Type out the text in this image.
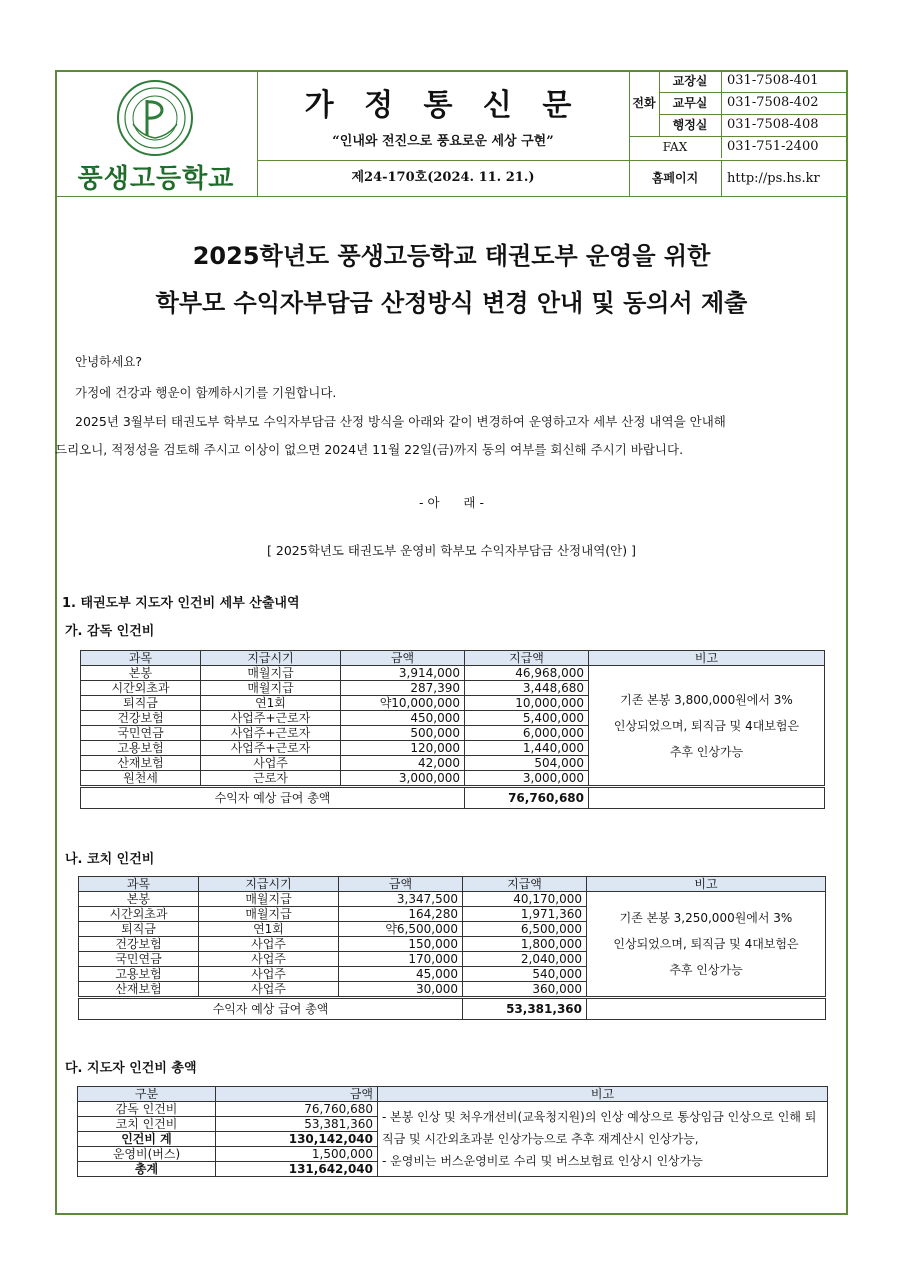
풍생고등학교
가 정 통 신 문
“인내와 전진으로 풍요로운 세상 구현”
제24-170호(2024. 11. 21.)
전화
교장실	031-7508-401
교무실	031-7508-402
행정실	031-7508-408
FAX	031-751-2400
홈페이지	http://ps.hs.kr
2025학년도 풍생고등학교 태권도부 운영을 위한
학부모 수익자부담금 산정방식 변경 안내 및 동의서 제출
안녕하세요?
가정에 건강과 행운이 함께하시기를 기원합니다.
2025년 3월부터 태권도부 학부모 수익자부담금 산정 방식을 아래와 같이 변경하여 운영하고자 세부 산정 내역을 안내해
드리오니, 적정성을 검토해 주시고 이상이 없으면 2024년 11월 22일(금)까지 동의 여부를 회신해 주시기 바랍니다.
- 아      래 -
[ 2025학년도 태권도부 운영비 학부모 수익자부담금 산정내역(안) ]
1. 태권도부 지도자 인건비 세부 산출내역
가. 감독 인건비
과목	지급시기	금액	지급액	비고
본봉	매월지급	3,914,000	46,968,000	기존 본봉 3,800,000원에서 3%
인상되었으며, 퇴직금 및 4대보험은
추후 인상가능
시간외초과	매월지급	287,390	3,448,680	
퇴직금	연1회	약10,000,000	10,000,000	
건강보험	사업주+근로자	450,000	5,400,000	
국민연금	사업주+근로자	500,000	6,000,000	
고용보험	사업주+근로자	120,000	1,440,000	
산재보험	사업주	42,000	504,000	
원천세	근로자	3,000,000	3,000,000	
수익자 예상 급여 총액			76,760,680	
나. 코치 인건비
과목	지급시기	금액	지급액	비고
본봉	매월지급	3,347,500	40,170,000	기존 본봉 3,250,000원에서 3%
인상되었으며, 퇴직금 및 4대보험은
추후 인상가능
시간외초과	매월지급	164,280	1,971,360	
퇴직금	연1회	약6,500,000	6,500,000	
건강보험	사업주	150,000	1,800,000	
국민연금	사업주	170,000	2,040,000	
고용보험	사업주	45,000	540,000	
산재보험	사업주	30,000	360,000	
수익자 예상 급여 총액			53,381,360	
다. 지도자 인건비 총액
구분	금액	비고
감독 인건비	76,760,680	- 본봉 인상 및 처우개선비(교육청지원)의 인상 예상으로 통상임금 인상으로 인해 퇴직금 및 시간외초과분 인상가능으로 추후 재계산시 인상가능,
- 운영비는 버스운영비로 수리 및 버스보험료 인상시 인상가능
코치 인건비	53,381,360	
인건비 계	130,142,040	
운영비(버스)	1,500,000	
총계	131,642,040	
